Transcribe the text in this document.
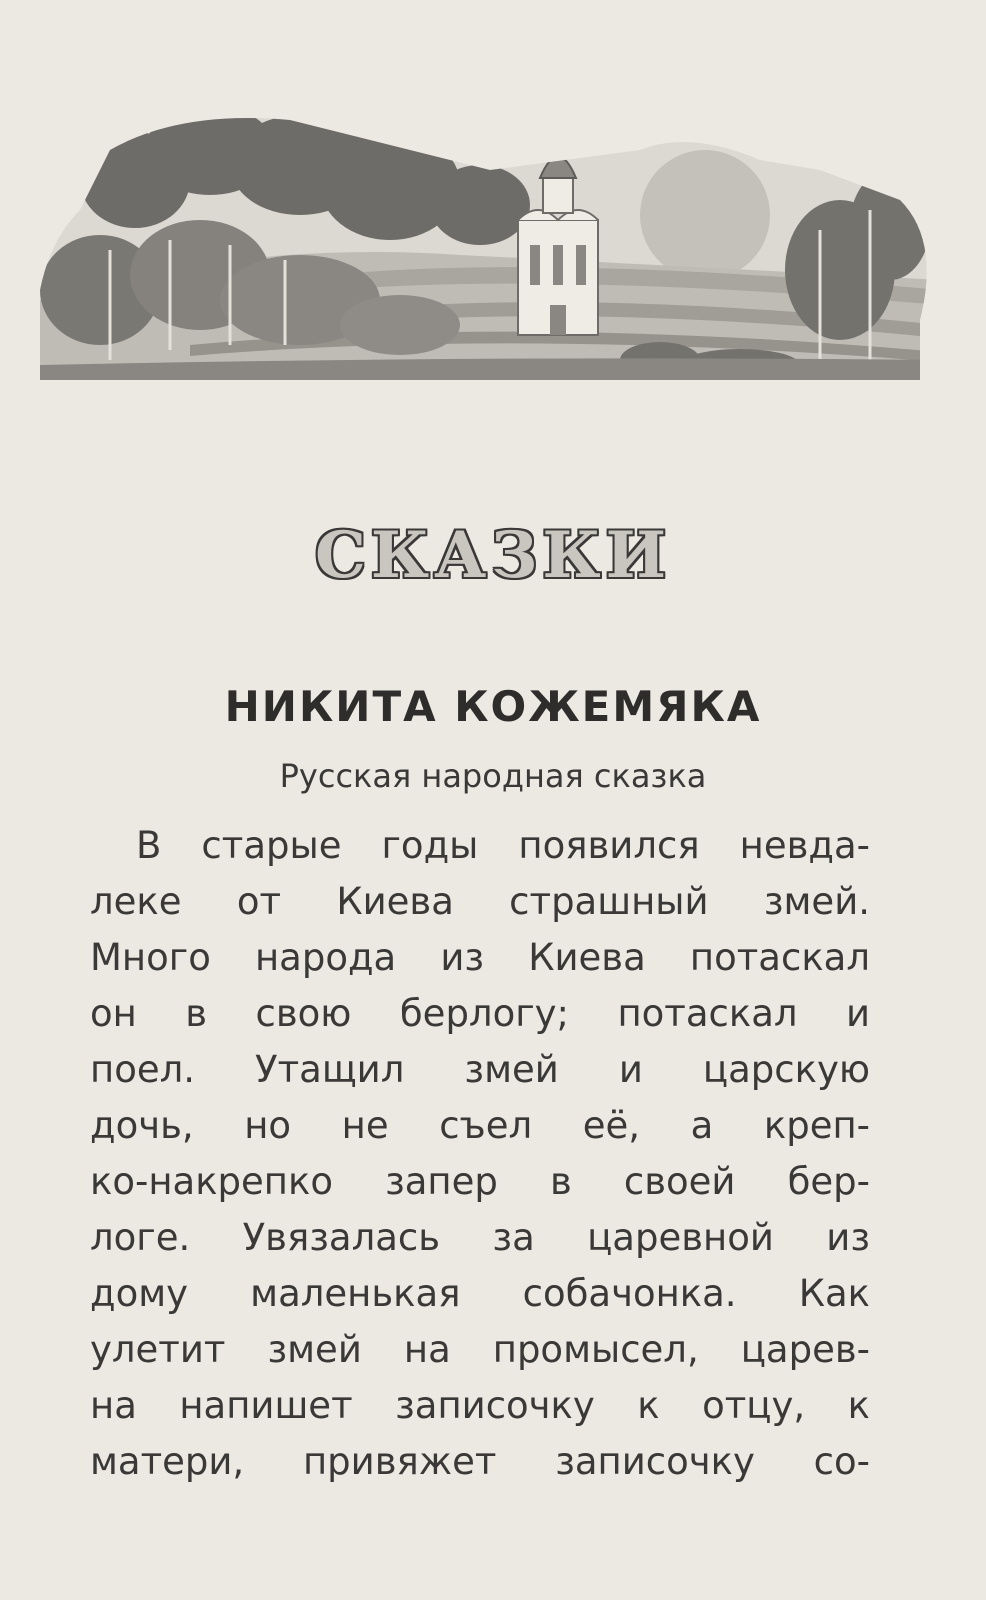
СКАЗКИ
НИКИТА КОЖЕМЯКА
Русская народная сказка
В старые годы появился невда-
леке от Киева страшный змей.
Много народа из Киева потаскал
он в свою берлогу; потаскал и
поел. Утащил змей и царскую
дочь, но не съел её, а креп-
ко-накрепко запер в своей бер-
логе. Увязалась за царевной из
дому маленькая собачонка. Как
улетит змей на промысел, царев-
на напишет записочку к отцу, к
матери, привяжет записочку со-
